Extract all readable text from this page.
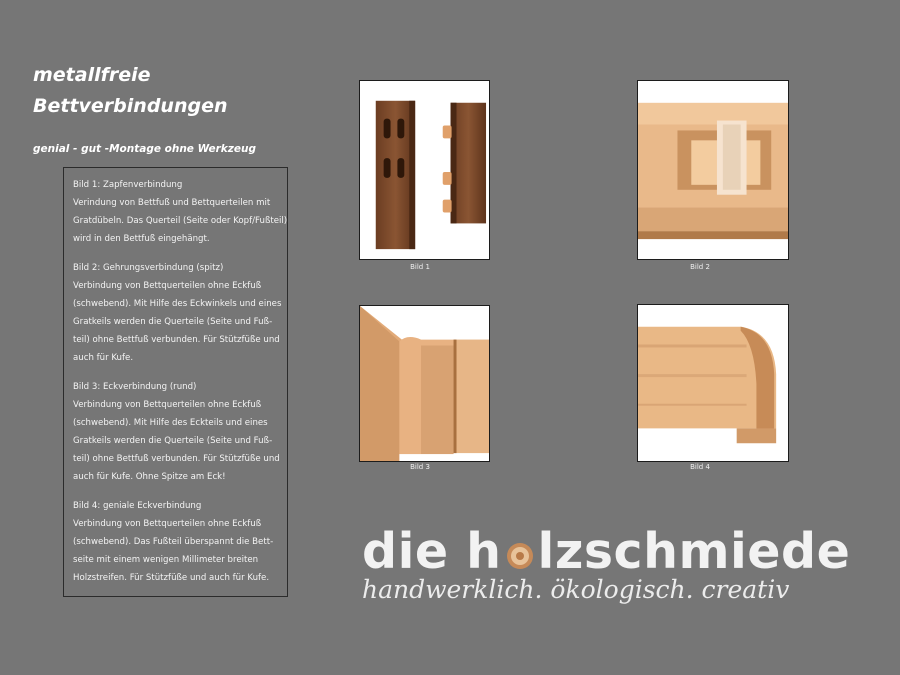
metallfreie
Bettverbindungen
genial - gut -Montage ohne Werkzeug

Bild 1: Zapfenverbindung

Verindung von Bettfuß und Bettquerteilen mit

Gratdübeln. Das Querteil (Seite oder Kopf/Fußteil)

wird in den Bettfuß eingehängt.

Bild 2: Gehrungsverbindung (spitz)

Verbindung von Bettquerteilen ohne Eckfuß

(schwebend). Mit Hilfe des Eckwinkels und eines

Gratkeils werden die Querteile (Seite und Fuß-

teil) ohne Bettfuß verbunden. Für Stützfüße und

auch für Kufe.

Bild 3: Eckverbindung (rund)

Verbindung von Bettquerteilen ohne Eckfuß

(schwebend). Mit Hilfe des Eckteils und eines

Gratkeils werden die Querteile (Seite und Fuß-

teil) ohne Bettfuß verbunden. Für Stützfüße und

auch für Kufe. Ohne Spitze am Eck!

Bild 4: geniale Eckverbindung

Verbindung von Bettquerteilen ohne Eckfuß

(schwebend). Das Fußteil überspannt die Bett-

seite mit einem wenigen Millimeter breiten

Holzstreifen. Für Stützfüße und auch für Kufe.

Bild 1	Bild 2
Bild 3	Bild 4
die h lzschmiede
handwerklich. ökologisch. creativ
